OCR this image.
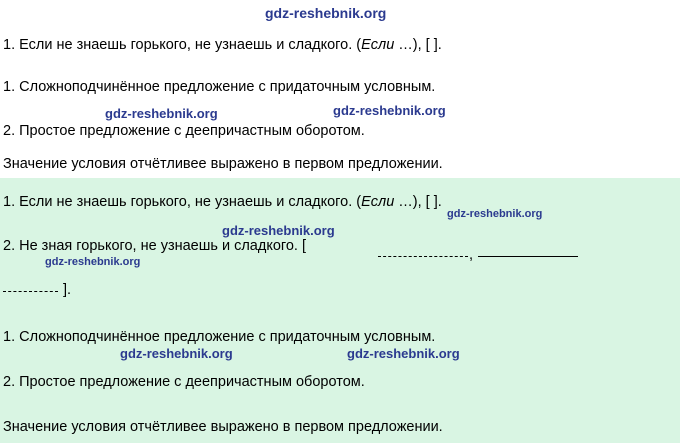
gdz-reshebnik.org
1. Если не знаешь горького, не узнаешь и сладкого. (Если …), [ ].
1. Сложноподчинённое предложение с придаточным условным.
gdz-reshebnik.org	gdz-reshebnik.org
2. Простое предложение с деепричастным оборотом.
Значение условия отчётливее выражено в первом предложении.
1. Если не знаешь горького, не узнаешь и сладкого. (Если …), [ ].
gdz-reshebnik.org
gdz-reshebnik.org
gdz-reshebnik.org
2. Не зная горького, не узнаешь и сладкого. [
,
].
1. Сложноподчинённое предложение с придаточным условным.
gdz-reshebnik.org	gdz-reshebnik.org
2. Простое предложение с деепричастным оборотом.
Значение условия отчётливее выражено в первом предложении.
